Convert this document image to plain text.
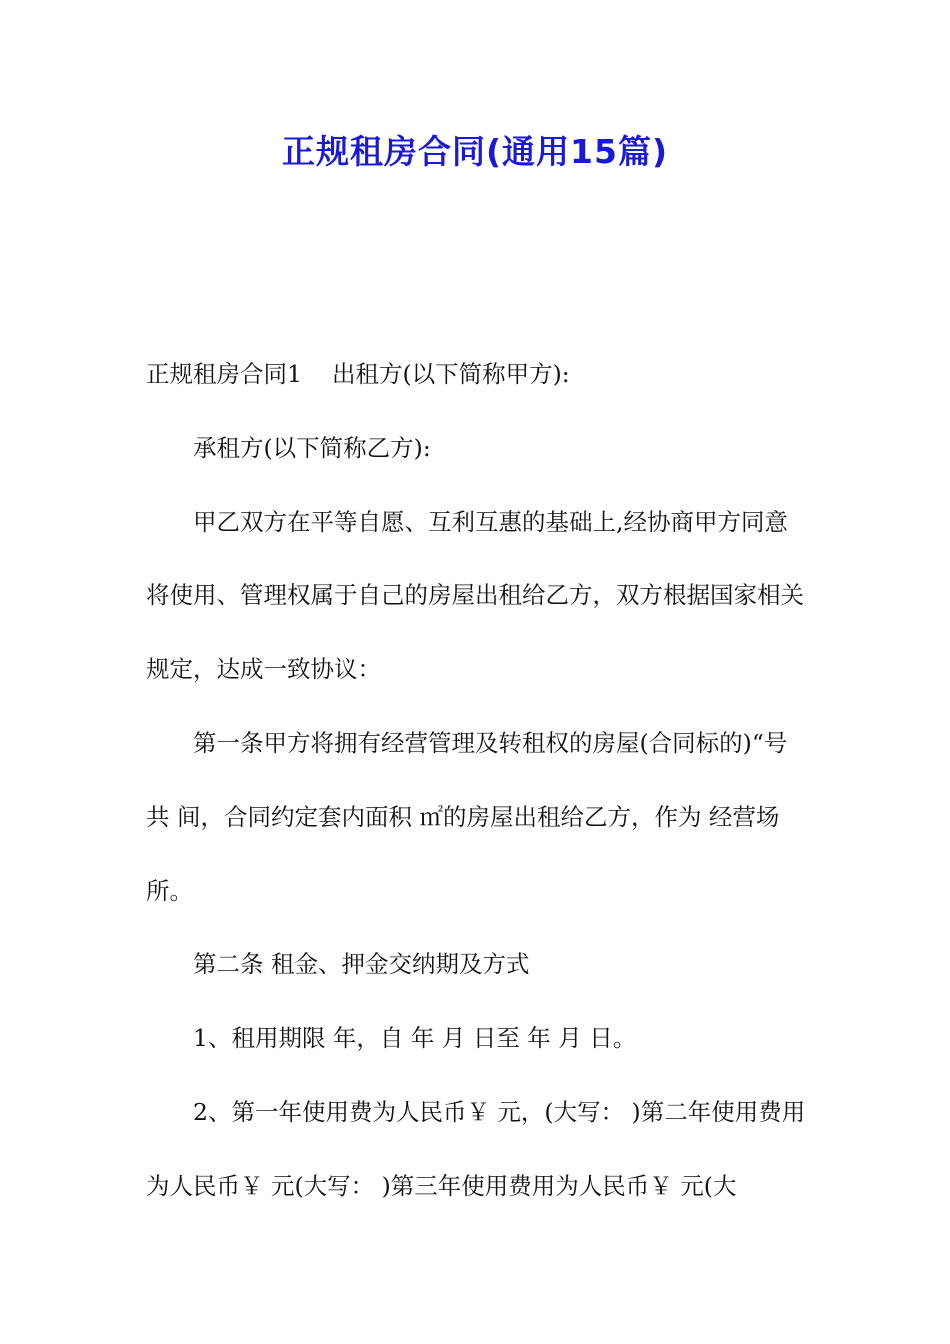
正规租房合同(通用15篇)

正规租房合同1 出租方(以下简称甲方):

承租方(以下简称乙方):

甲乙双方在平等自愿、互利互惠的基础上,经协商甲方同意将使用、管理权属于自己的房屋出租给乙方，双方根据国家相关规定，达成一致协议：

第一条甲方将拥有经营管理及转租权的房屋(合同标的)“号共 间，合同约定套内面积 ㎡的房屋出租给乙方，作为 经营场所。

第二条 租金、押金交纳期及方式

1、租用期限 年，自 年 月 日至 年 月 日。

2、第一年使用费为人民币￥ 元，(大写： )第二年使用费用为人民币￥ 元(大写： )第三年使用费用为人民币￥ 元(大
